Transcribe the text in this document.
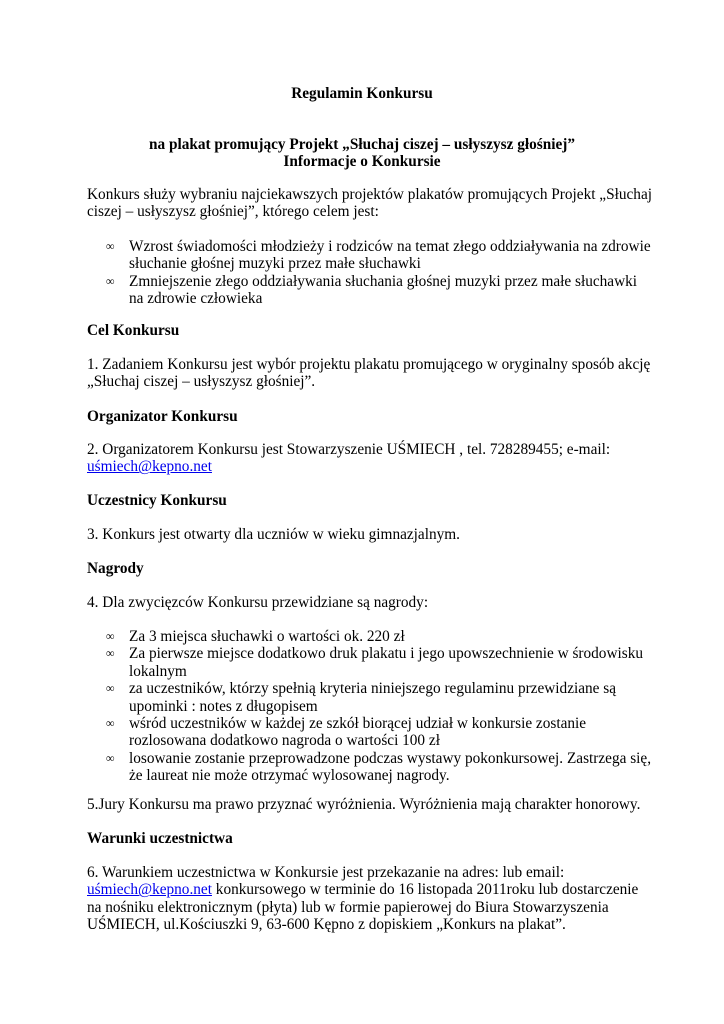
Regulamin Konkursu
na plakat promujący Projekt „Słuchaj ciszej – usłyszysz głośniej”
Informacje o Konkursie
Konkurs służy wybraniu najciekawszych projektów plakatów promujących Projekt „Słuchaj ciszej – usłyszysz głośniej”, którego celem jest:
∞ Wzrost świadomości młodzieży i rodziców na temat złego oddziaływania na zdrowie słuchanie głośnej muzyki przez małe słuchawki
∞ Zmniejszenie złego oddziaływania słuchania głośnej muzyki przez małe słuchawki na zdrowie człowieka
Cel Konkursu
1. Zadaniem Konkursu jest wybór projektu plakatu promującego w oryginalny sposób akcję „Słuchaj ciszej – usłyszysz głośniej”.
Organizator Konkursu
2. Organizatorem Konkursu jest Stowarzyszenie UŚMIECH , tel. 728289455; e-mail: uśmiech@kepno.net
Uczestnicy Konkursu
3. Konkurs jest otwarty dla uczniów w wieku gimnazjalnym.
Nagrody
4. Dla zwycięzców Konkursu przewidziane są nagrody:
∞ Za 3 miejsca słuchawki o wartości ok. 220 zł
∞ Za pierwsze miejsce dodatkowo druk plakatu i jego upowszechnienie w środowisku lokalnym
∞ za uczestników, którzy spełnią kryteria niniejszego regulaminu przewidziane są upominki : notes z długopisem
∞ wśród uczestników w każdej ze szkół biorącej udział w konkursie zostanie rozlosowana dodatkowo nagroda o wartości 100 zł
∞ losowanie zostanie przeprowadzone podczas wystawy pokonkursowej. Zastrzega się, że laureat nie może otrzymać wylosowanej nagrody.
5.Jury Konkursu ma prawo przyznać wyróżnienia. Wyróżnienia mają charakter honorowy.
Warunki uczestnictwa
6. Warunkiem uczestnictwa w Konkursie jest przekazanie na adres: lub email: uśmiech@kepno.net konkursowego w terminie do 16 listopada 2011roku lub dostarczenie na nośniku elektronicznym (płyta) lub w formie papierowej do Biura Stowarzyszenia UŚMIECH, ul.Kościuszki 9, 63-600 Kępno z dopiskiem „Konkurs na plakat”.
